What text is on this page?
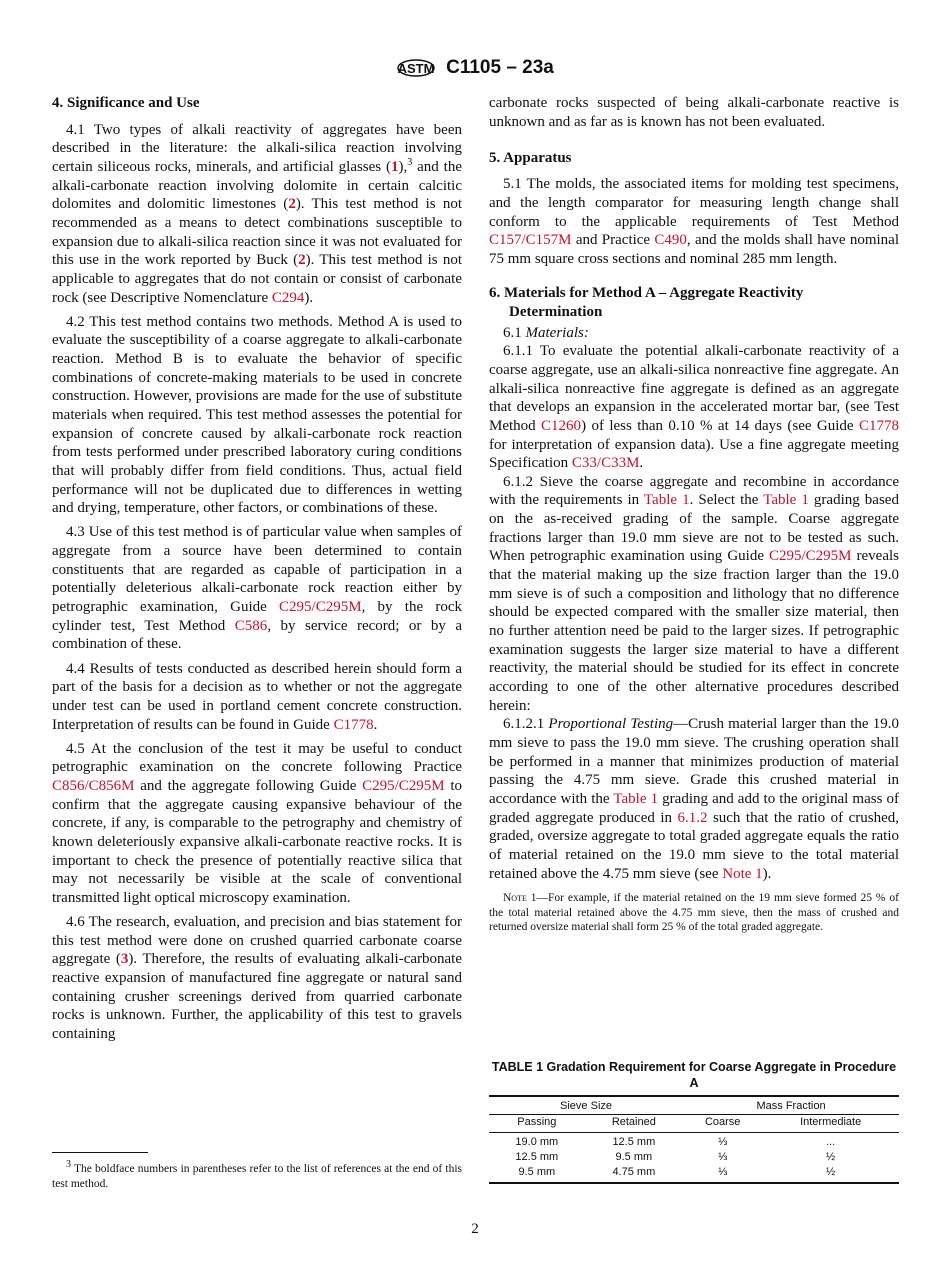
ASTM C1105 – 23a
4. Significance and Use

4.1 Two types of alkali reactivity of aggregates have been described in the literature: the alkali-silica reaction involving certain siliceous rocks, minerals, and artificial glasses (1),$^3$ and the alkali-carbonate reaction involving dolomite in certain calcitic dolomites and dolomitic limestones (2). This test method is not recommended as a means to detect combinations susceptible to expansion due to alkali-silica reaction since it was not evaluated for this use in the work reported by Buck (2). This test method is not applicable to aggregates that do not contain or consist of carbonate rock (see Descriptive Nomenclature C294).

4.2 This test method contains two methods. Method A is used to evaluate the susceptibility of a coarse aggregate to alkali-carbonate reaction. Method B is to evaluate the behavior of specific combinations of concrete-making materials to be used in concrete construction. However, provisions are made for the use of substitute materials when required. This test method assesses the potential for expansion of concrete caused by alkali-carbonate rock reaction from tests performed under prescribed laboratory curing conditions that will probably differ from field conditions. Thus, actual field performance will not be duplicated due to differences in wetting and drying, temperature, other factors, or combinations of these.

4.3 Use of this test method is of particular value when samples of aggregate from a source have been determined to contain constituents that are regarded as capable of participation in a potentially deleterious alkali-carbonate rock reaction either by petrographic examination, Guide C295/C295M, by the rock cylinder test, Test Method C586, by service record; or by a combination of these.

4.4 Results of tests conducted as described herein should form a part of the basis for a decision as to whether or not the aggregate under test can be used in portland cement concrete construction. Interpretation of results can be found in Guide C1778.

4.5 At the conclusion of the test it may be useful to conduct petrographic examination on the concrete following Practice C856/C856M and the aggregate following Guide C295/​C295M to confirm that the aggregate causing expansive behaviour of the concrete, if any, is comparable to the petrography and chemistry of known deleteriously expansive alkali-carbonate reactive rocks. It is important to check the presence of potentially reactive silica that may not necessarily be visible at the scale of conventional transmitted light optical microscopy examination.

4.6 The research, evaluation, and precision and bias statement for this test method were done on crushed quarried carbonate coarse aggregate (3). Therefore, the results of evaluating alkali-carbonate reactive expansion of manufactured fine aggregate or natural sand containing crusher screenings derived from quarried carbonate rocks is unknown. Further, the applicability of this test to gravels containing

$^3$ The boldface numbers in parentheses refer to the list of references at the end of this test method.

carbonate rocks suspected of being alkali-carbonate reactive is unknown and as far as is known has not been evaluated.

5. Apparatus

5.1 The molds, the associated items for molding test specimens, and the length comparator for measuring length change shall conform to the applicable requirements of Test Method C157/C157M and Practice C490, and the molds shall have nominal 75 mm square cross sections and nominal 285 mm length.

6. Materials for Method A – Aggregate Reactivity Determination

6.1 Materials:

6.1.1 To evaluate the potential alkali-carbonate reactivity of a coarse aggregate, use an alkali-silica nonreactive fine aggregate. An alkali-silica nonreactive fine aggregate is defined as an aggregate that develops an expansion in the accelerated mortar bar, (see Test Method C1260) of less than 0.10 % at 14 days (see Guide C1778 for interpretation of expansion data). Use a fine aggregate meeting Specification C33/C33M.

6.1.2 Sieve the coarse aggregate and recombine in accordance with the requirements in Table 1. Select the Table 1 grading based on the as-received grading of the sample. Coarse aggregate fractions larger than 19.0 mm sieve are not to be tested as such. When petrographic examination using Guide C295/C295M reveals that the material making up the size fraction larger than the 19.0 mm sieve is of such a composition and lithology that no difference should be expected compared with the smaller size material, then no further attention need be paid to the larger sizes. If petrographic examination suggests the larger size material to have a different reactivity, the material should be studied for its effect in concrete according to one of the other alternative procedures described herein:

6.1.2.1 Proportional Testing—Crush material larger than the 19.0 mm sieve to pass the 19.0 mm sieve. The crushing operation shall be performed in a manner that minimizes production of material passing the 4.75 mm sieve. Grade this crushed material in accordance with the Table 1 grading and add to the original mass of graded aggregate produced in 6.1.2 such that the ratio of crushed, graded, oversize aggregate to total graded aggregate equals the ratio of material retained on the 19.0 mm sieve to the total material retained above the 4.75 mm sieve (see Note 1).

Note 1—For example, if the material retained on the 19 mm sieve formed 25 % of the total material retained above the 4.75 mm sieve, then the mass of crushed and returned oversize material shall form 25 % of the total graded aggregate.
TABLE 1 Gradation Requirement for Coarse Aggregate in Procedure A
Sieve Size		Mass Fraction	
Passing	Retained	Coarse	Intermediate
19.0 mm	12.5 mm	⅓	...
12.5 mm	9.5 mm	⅓	½
9.5 mm	4.75 mm	⅓	½
2
